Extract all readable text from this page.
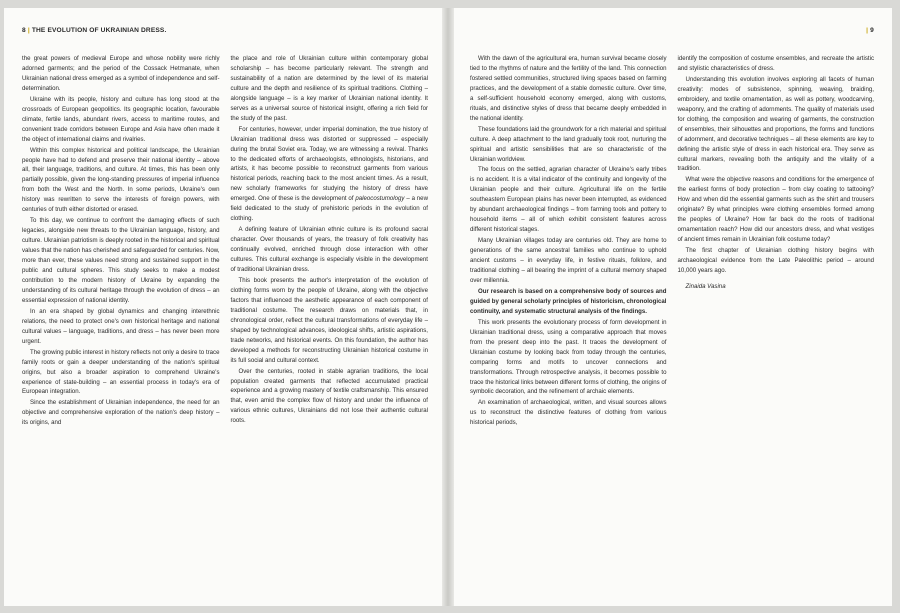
8 | THE EVOLUTION OF UKRAINIAN DRESS.

the great powers of medieval Europe and whose nobility were richly adorned garments; and the period of the Cossack Hetmanate, when Ukrainian national dress emerged as a symbol of independence and self-determination.

Ukraine with its people, history and culture has long stood at the crossroads of European geopolitics. Its geographic location, favourable climate, fertile lands, abundant rivers, access to maritime routes, and convenient trade corridors between Europe and Asia have often made it the object of international claims and rivalries.

Within this complex historical and political landscape, the Ukrainian people have had to defend and preserve their national identity – above all, their language, traditions, and culture. At times, this has been only partially possible, given the long-standing pressures of imperial influence from both the West and the North. In some periods, Ukraine's own history was rewritten to serve the interests of foreign powers, with centuries of truth either distorted or erased.

To this day, we continue to confront the damaging effects of such legacies, alongside new threats to the Ukrainian language, history, and culture. Ukrainian patriotism is deeply rooted in the historical and spiritual values that the nation has cherished and safeguarded for centuries. Now, more than ever, these values need strong and sustained support in the public and cultural spheres. This study seeks to make a modest contribution to the modern history of Ukraine by expanding the understanding of its cultural heritage through the evolution of dress – an essential expression of national identity.

In an era shaped by global dynamics and changing interethnic relations, the need to protect one's own historical heritage and national cultural values – language, traditions, and dress – has never been more urgent.

The growing public interest in history reflects not only a desire to trace family roots or gain a deeper understanding of the nation's spiritual origins, but also a broader aspiration to comprehend Ukraine's experience of state-building – an essential process in today's era of European integration.

Since the establishment of Ukrainian independence, the need for an objective and comprehensive exploration of the nation's deep history – its origins, and

the place and role of Ukrainian culture within contemporary global scholarship – has become particularly relevant. The strength and sustainability of a nation are determined by the level of its material culture and the depth and resilience of its spiritual traditions. Clothing – alongside language – is a key marker of Ukrainian national identity. It serves as a universal source of historical insight, offering a rich field for the study of the past.

For centuries, however, under imperial domination, the true history of Ukrainian traditional dress was distorted or suppressed – especially during the brutal Soviet era. Today, we are witnessing a revival. Thanks to the dedicated efforts of archaeologists, ethnologists, historians, and artists, it has become possible to reconstruct garments from various historical periods, reaching back to the most ancient times. As a result, new scholarly frameworks for studying the history of dress have emerged. One of these is the development of paleocostumology – a new field dedicated to the study of prehistoric periods in the evolution of clothing.

A defining feature of Ukrainian ethnic culture is its profound sacral character. Over thousands of years, the treasury of folk creativity has continually evolved, enriched through close interaction with other cultures. This cultural exchange is especially visible in the development of traditional Ukrainian dress.

This book presents the author's interpretation of the evolution of clothing forms worn by the people of Ukraine, along with the objective factors that influenced the aesthetic appearance of each component of traditional costume. The research draws on materials that, in chronological order, reflect the cultural transformations of everyday life – shaped by technological advances, ideological shifts, artistic aspirations, trade networks, and historical events. On this foundation, the author has developed a methods for reconstructing Ukrainian historical costume in its full social and cultural context.

Over the centuries, rooted in stable agrarian traditions, the local population created garments that reflected accumulated practical experience and a growing mastery of textile craftsmanship. This ensured that, even amid the complex flow of history and under the influence of various ethnic cultures, Ukrainians did not lose their authentic cultural roots.

| 9

With the dawn of the agricultural era, human survival became closely tied to the rhythms of nature and the fertility of the land. This connection fostered settled communities, structured living spaces based on farming practices, and the development of a stable domestic culture. Over time, a self-sufficient household economy emerged, along with customs, rituals, and distinctive styles of dress that became deeply embedded in the national identity.

These foundations laid the groundwork for a rich material and spiritual culture. A deep attachment to the land gradually took root, nurturing the spiritual and artistic sensibilities that are so characteristic of the Ukrainian worldview.

The focus on the settled, agrarian character of Ukraine's early tribes is no accident. It is a vital indicator of the continuity and longevity of the Ukrainian people and their culture. Agricultural life on the fertile southeastern European plains has never been interrupted, as evidenced by abundant archaeological findings – from farming tools and pottery to household items – all of which exhibit consistent features across different historical stages.

Many Ukrainian villages today are centuries old. They are home to generations of the same ancestral families who continue to uphold ancient customs – in everyday life, in festive rituals, folklore, and traditional clothing – all bearing the imprint of a cultural memory shaped over millennia.

Our research is based on a comprehensive body of sources and guided by general scholarly principles of historicism, chronological continuity, and systematic structural analysis of the findings.

This work presents the evolutionary process of form development in Ukrainian traditional dress, using a comparative approach that moves from the present deep into the past. It traces the development of Ukrainian costume by looking back from today through the centuries, comparing forms and motifs to uncover connections and transformations. Through retrospective analysis, it becomes possible to trace the historical links between different forms of clothing, the origins of symbolic decoration, and the refinement of archaic elements.

An examination of archaeological, written, and visual sources allows us to reconstruct the distinctive features of clothing from various historical periods,

identify the composition of costume ensembles, and recreate the artistic and stylistic characteristics of dress.

Understanding this evolution involves exploring all facets of human creativity: modes of subsistence, spinning, weaving, braiding, embroidery, and textile ornamentation, as well as pottery, woodcarving, weaponry, and the crafting of adornments. The quality of materials used for clothing, the composition and wearing of garments, the construction of ensembles, their silhouettes and proportions, the forms and functions of adornment, and decorative techniques – all these elements are key to defining the artistic style of dress in each historical era. They serve as cultural markers, revealing both the antiquity and the vitality of a tradition.

What were the objective reasons and conditions for the emergence of the earliest forms of body protection – from clay coating to tattooing? How and when did the essential garments such as the shirt and trousers originate? By what principles were clothing ensembles formed among the peoples of Ukraine? How far back do the roots of traditional ornamentation reach? How did our ancestors dress, and what vestiges of ancient times remain in Ukrainian folk costume today?

The first chapter of Ukrainian clothing history begins with archaeological evidence from the Late Paleolithic period – around 10,000 years ago.

Zinaida Vasina
